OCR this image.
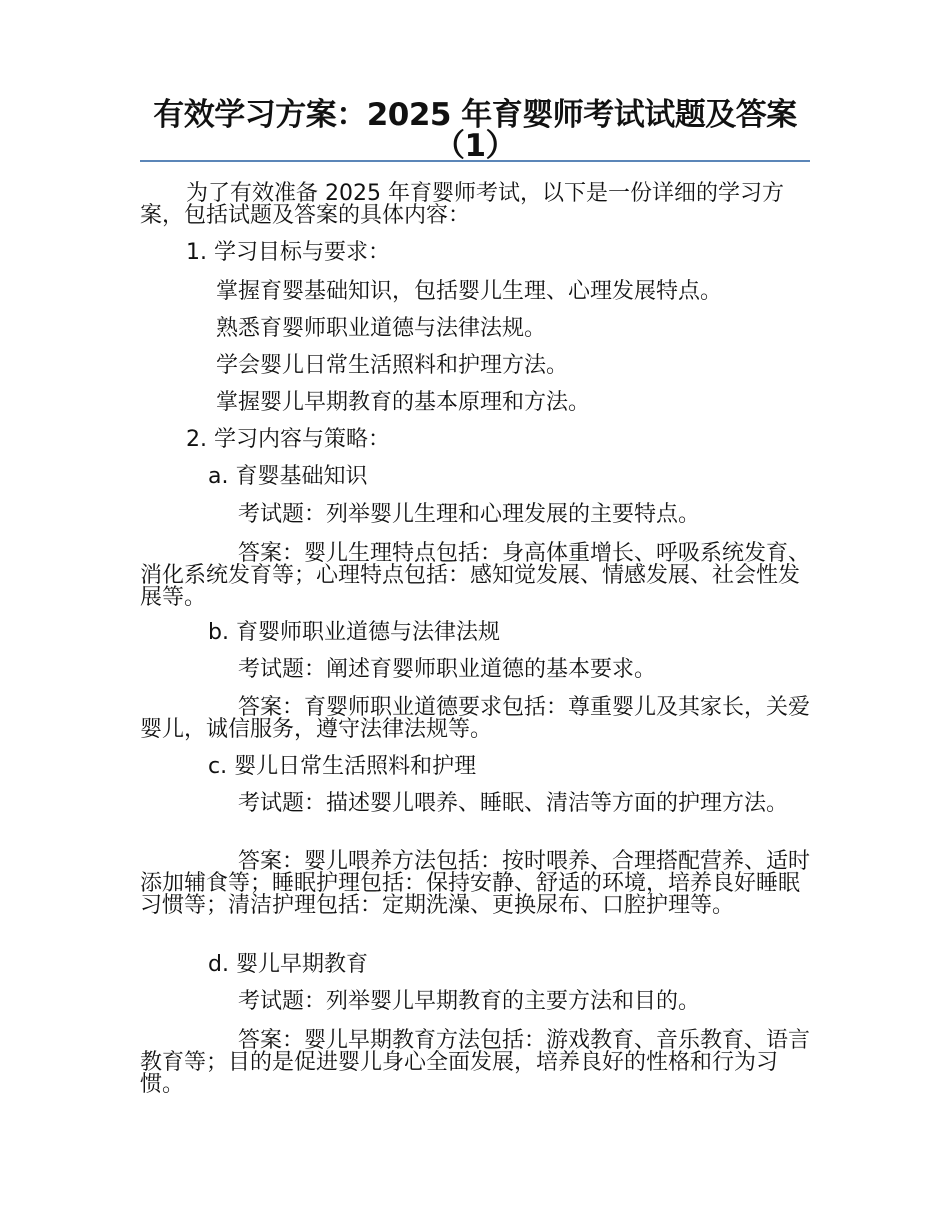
有效学习方案：2025 年育婴师考试试题及答案（1）
为了有效准备 2025 年育婴师考试，以下是一份详细的学习方案，包括试题及答案的具体内容：
1. 学习目标与要求：
掌握育婴基础知识，包括婴儿生理、心理发展特点。
熟悉育婴师职业道德与法律法规。
学会婴儿日常生活照料和护理方法。
掌握婴儿早期教育的基本原理和方法。
2. 学习内容与策略：
a. 育婴基础知识
考试题：列举婴儿生理和心理发展的主要特点。
答案：婴儿生理特点包括：身高体重增长、呼吸系统发育、消化系统发育等；心理特点包括：感知觉发展、情感发展、社会性发展等。
b. 育婴师职业道德与法律法规
考试题：阐述育婴师职业道德的基本要求。
答案：育婴师职业道德要求包括：尊重婴儿及其家长，关爱婴儿，诚信服务，遵守法律法规等。
c. 婴儿日常生活照料和护理
考试题：描述婴儿喂养、睡眠、清洁等方面的护理方法。
答案：婴儿喂养方法包括：按时喂养、合理搭配营养、适时添加辅食等；睡眠护理包括：保持安静、舒适的环境，培养良好睡眠习惯等；清洁护理包括：定期洗澡、更换尿布、口腔护理等。
d. 婴儿早期教育
考试题：列举婴儿早期教育的主要方法和目的。
答案：婴儿早期教育方法包括：游戏教育、音乐教育、语言教育等；目的是促进婴儿身心全面发展，培养良好的性格和行为习惯。
